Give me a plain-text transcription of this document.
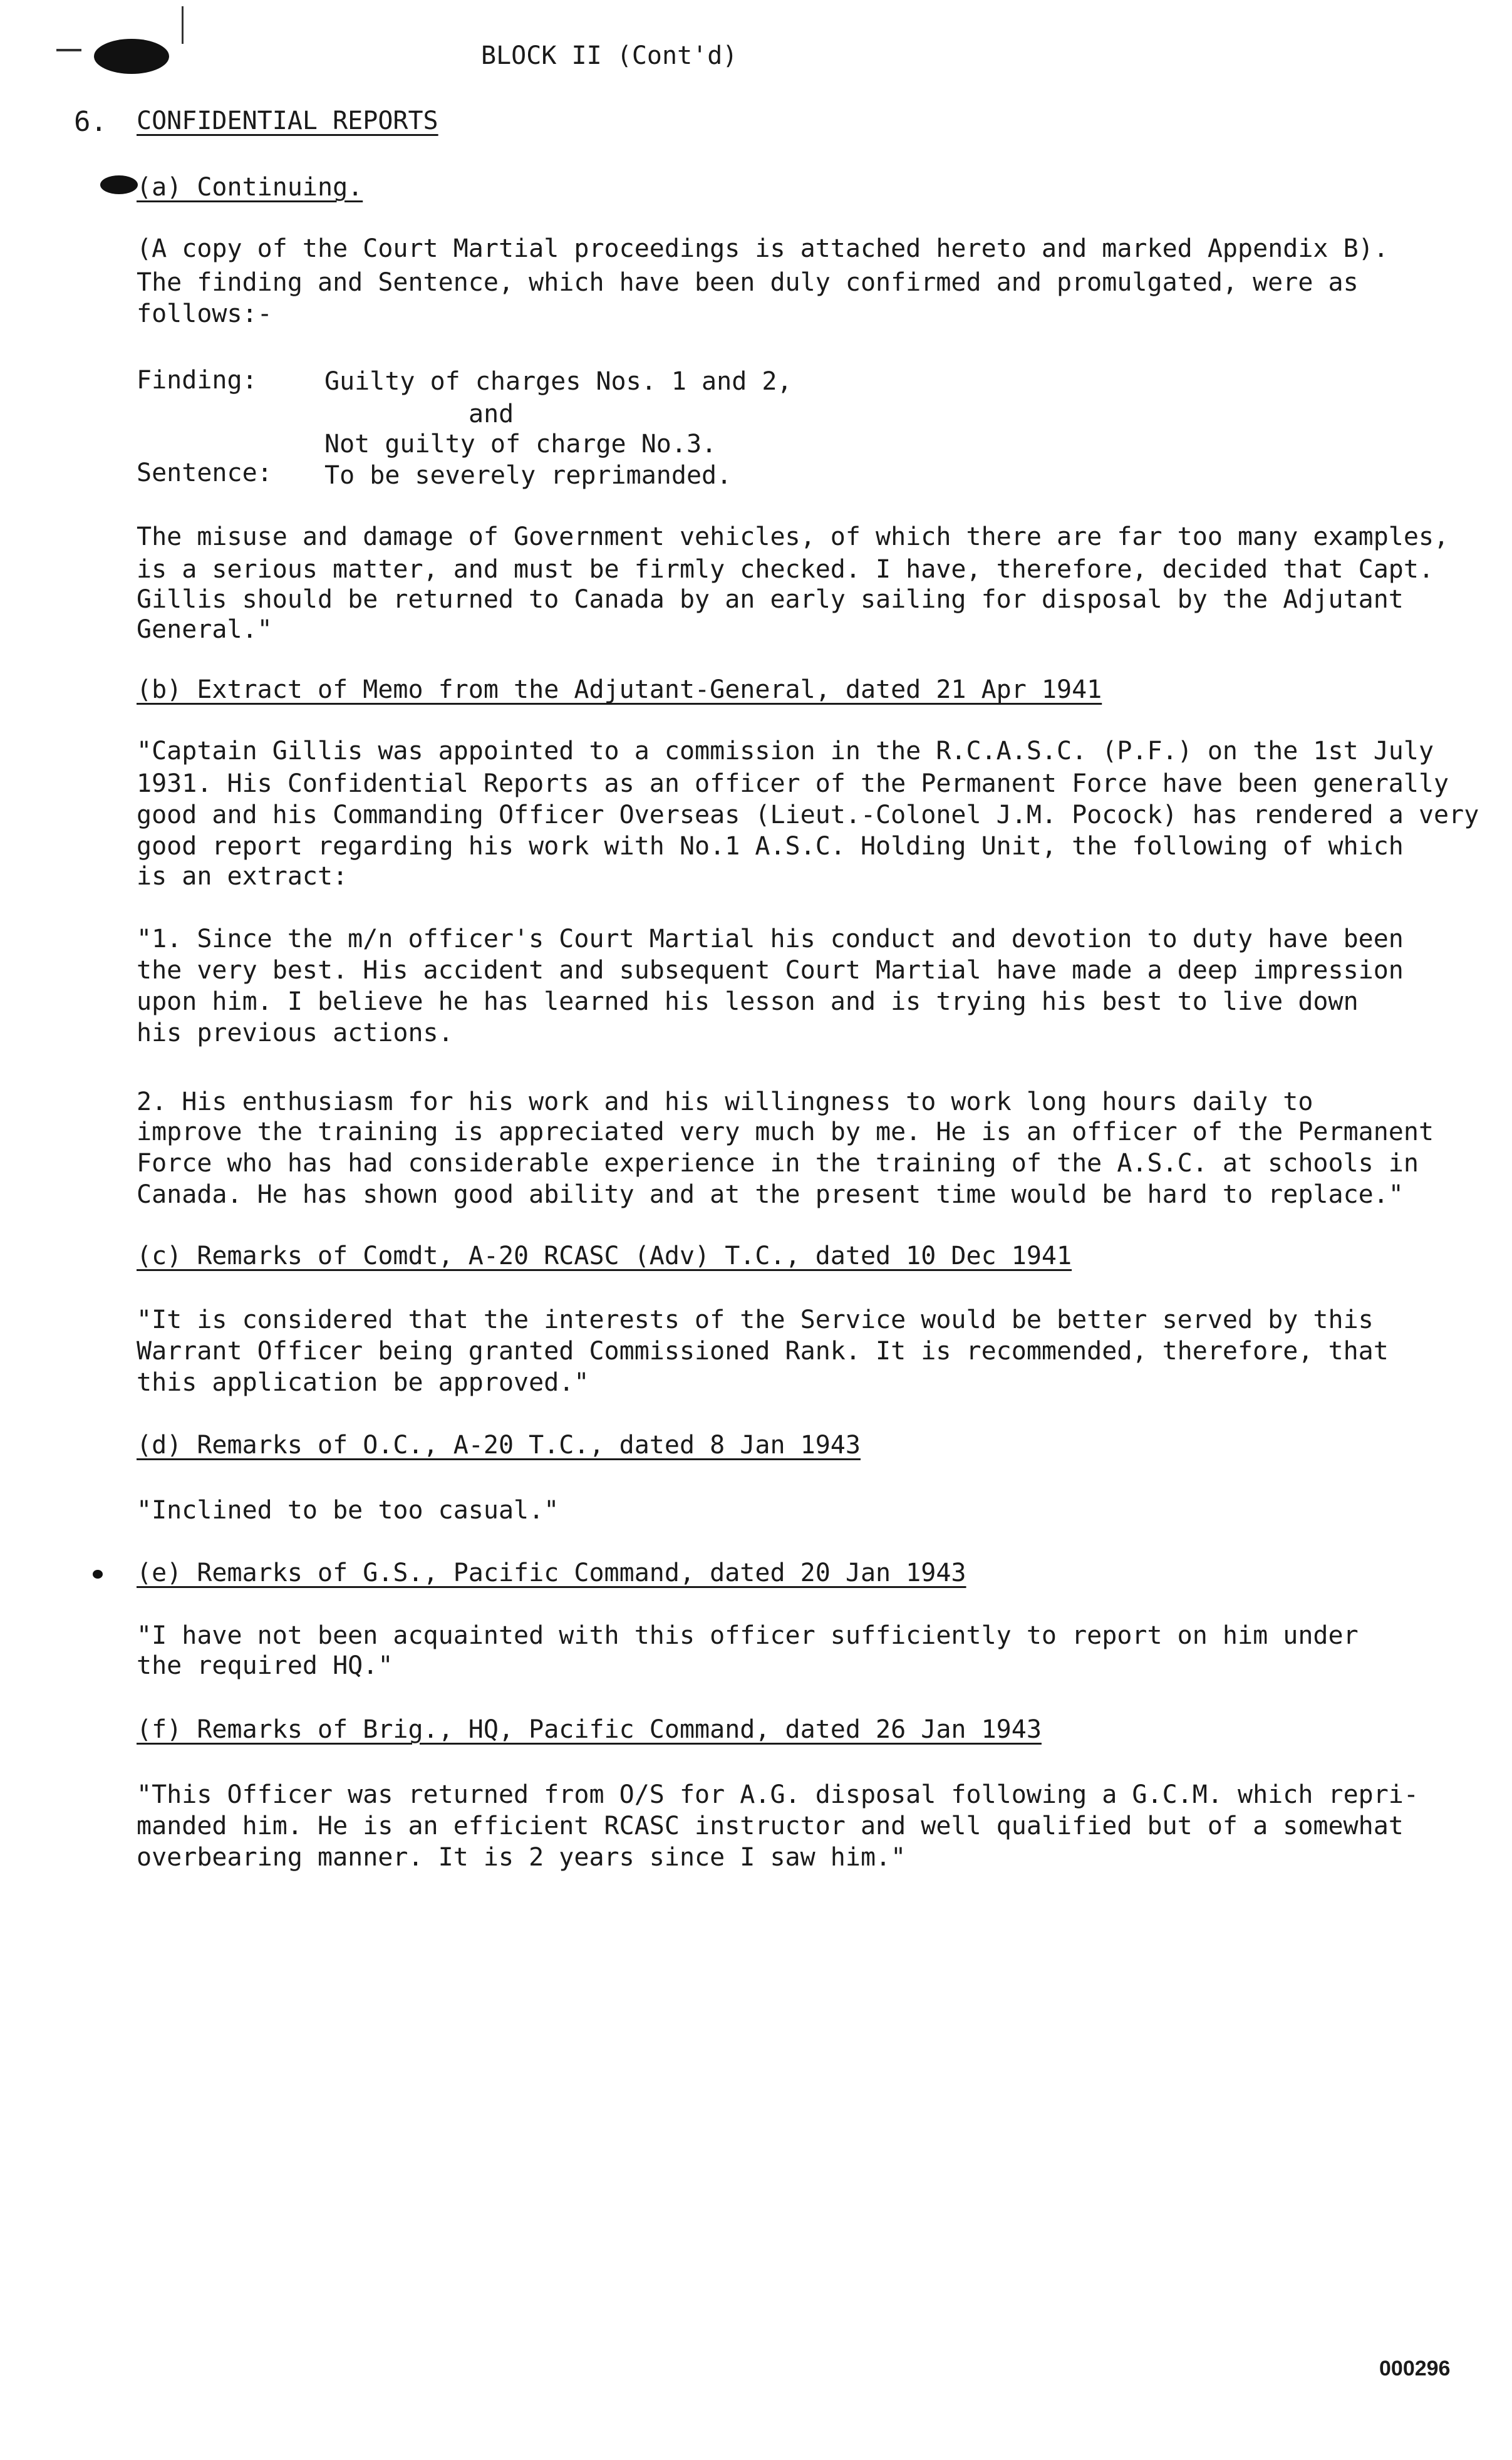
BLOCK II (Cont'd)
6. CONFIDENTIAL REPORTS
(a) Continuing.
(A copy of the Court Martial proceedings is attached hereto and marked Appendix B).
The finding and Sentence, which have been duly confirmed and promulgated, were as
follows:-
Finding:	Guilty of charges Nos. 1 and 2,
and
Not guilty of charge No.3.
Sentence: To be severely reprimanded.
The misuse and damage of Government vehicles, of which there are far too many examples,
is a serious matter, and must be firmly checked. I have, therefore, decided that Capt.
Gillis should be returned to Canada by an early sailing for disposal by the Adjutant
General."
(b) Extract of Memo from the Adjutant-General, dated 21 Apr 1941
"Captain Gillis was appointed to a commission in the R.C.A.S.C. (P.F.) on the 1st July
1931. His Confidential Reports as an officer of the Permanent Force have been generally
good and his Commanding Officer Overseas (Lieut.-Colonel J.M. Pocock) has rendered a very
good report regarding his work with No.1 A.S.C. Holding Unit, the following of which
is an extract:
"1. Since the m/n officer's Court Martial his conduct and devotion to duty have been
the very best. His accident and subsequent Court Martial have made a deep impression
upon him. I believe he has learned his lesson and is trying his best to live down
his previous actions.
2. His enthusiasm for his work and his willingness to work long hours daily to
improve the training is appreciated very much by me. He is an officer of the Permanent
Force who has had considerable experience in the training of the A.S.C. at schools in
Canada. He has shown good ability and at the present time would be hard to replace."
(c) Remarks of Comdt, A-20 RCASC (Adv) T.C., dated 10 Dec 1941
"It is considered that the interests of the Service would be better served by this
Warrant Officer being granted Commissioned Rank. It is recommended, therefore, that
this application be approved."
(d) Remarks of O.C., A-20 T.C., dated 8 Jan 1943
"Inclined to be too casual."
(e) Remarks of G.S., Pacific Command, dated 20 Jan 1943
"I have not been acquainted with this officer sufficiently to report on him under
the required HQ."
(f) Remarks of Brig., HQ, Pacific Command, dated 26 Jan 1943
"This Officer was returned from O/S for A.G. disposal following a G.C.M. which repri-
manded him. He is an efficient RCASC instructor and well qualified but of a somewhat
overbearing manner. It is 2 years since I saw him."
000296
